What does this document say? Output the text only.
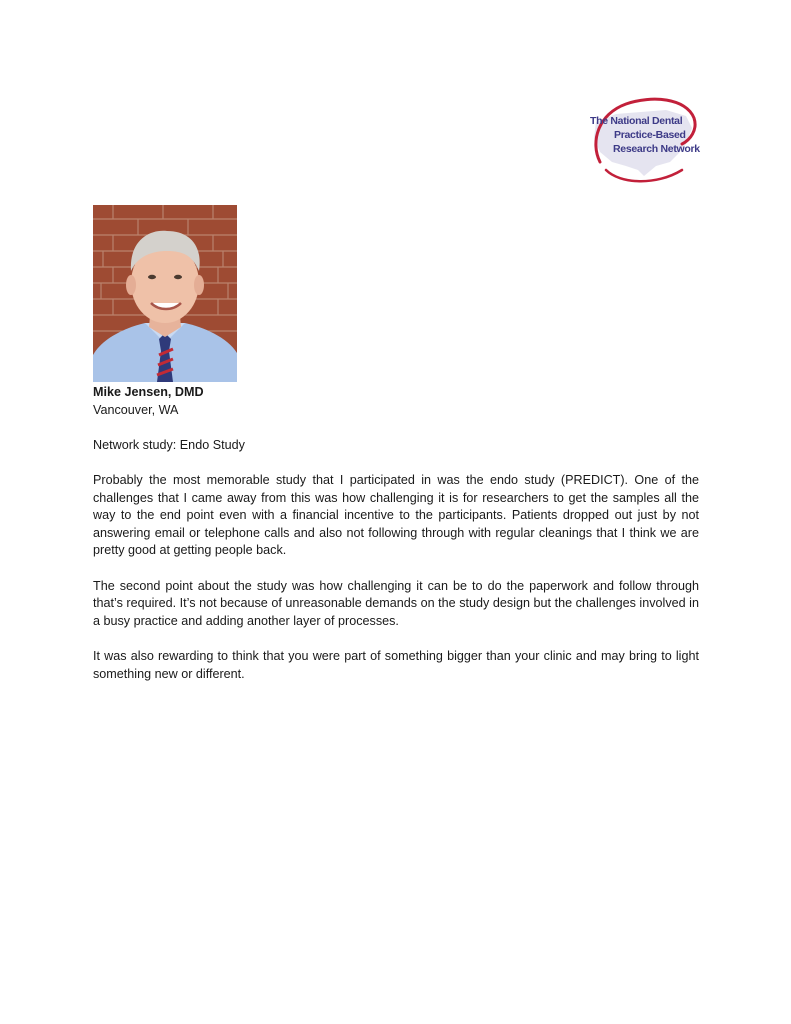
The National Dental
Practice-Based
Research Network

Mike Jensen, DMD

Vancouver, WA

Network study: Endo Study

Probably the most memorable study that I participated in was the endo study (PREDICT). One of the challenges that I came away from this was how challenging it is for researchers to get the samples all the way to the end point even with a financial incentive to the participants. Patients dropped out just by not answering email or telephone calls and also not following through with regular cleanings that I think we are pretty good at getting people back.

The second point about the study was how challenging it can be to do the paperwork and follow through that’s required. It’s not because of unreasonable demands on the study design but the challenges involved in a busy practice and adding another layer of processes.

It was also rewarding to think that you were part of something bigger than your clinic and may bring to light something new or different.
